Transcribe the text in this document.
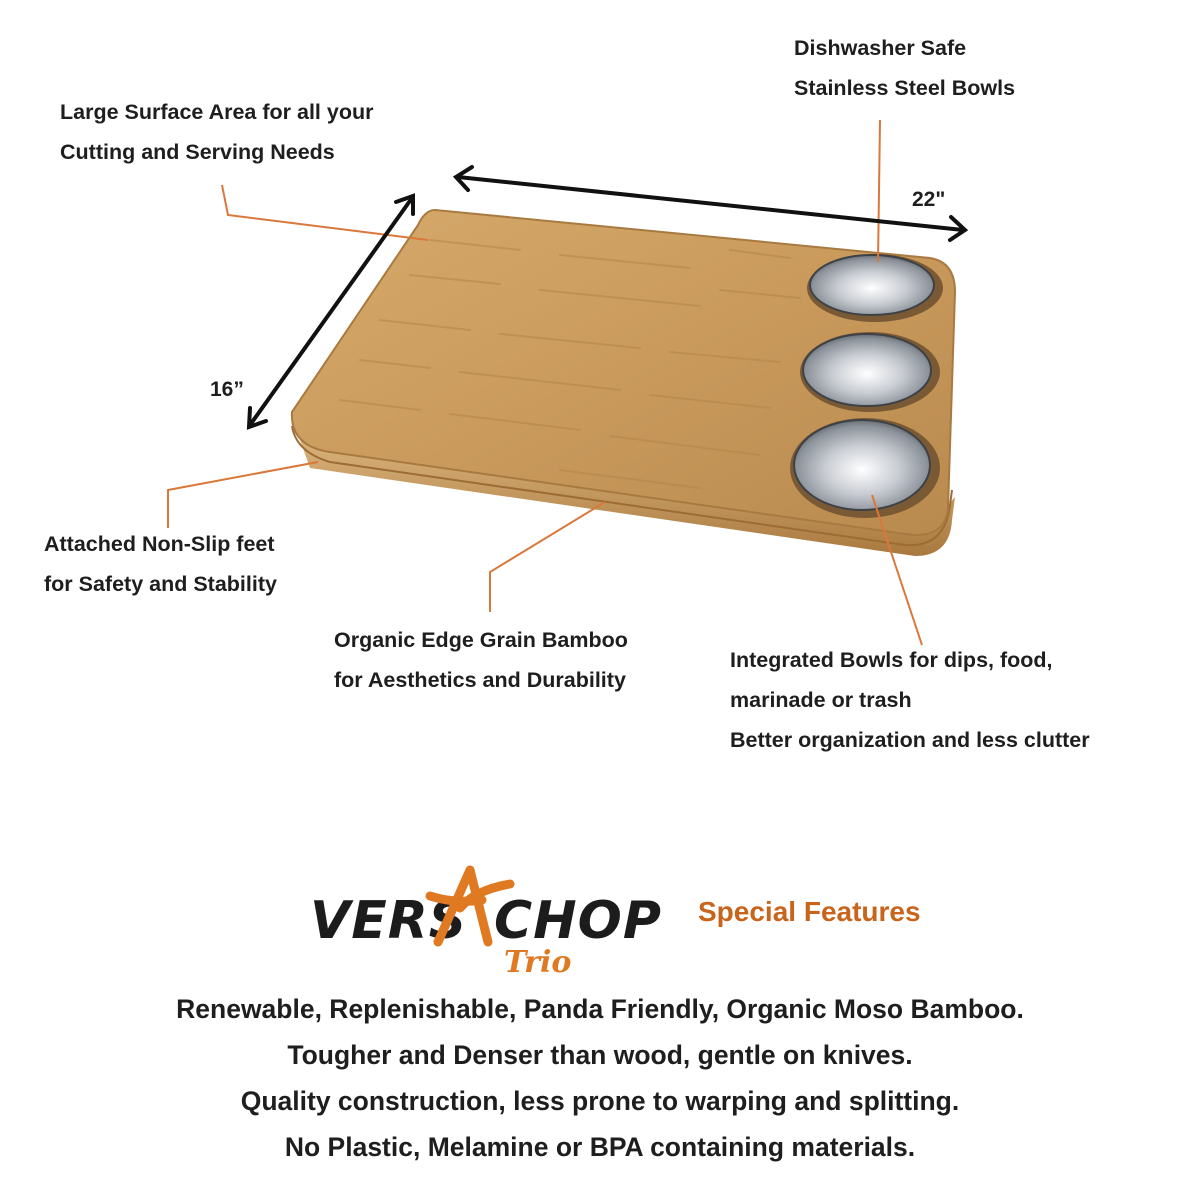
22"
16”

Large Surface Area for all your
Cutting and Serving Needs

Dishwasher Safe
Stainless Steel Bowls

Attached Non-Slip feet
for Safety and Stability

Organic Edge Grain Bamboo
for Aesthetics and Durability

Integrated Bowls for dips, food,
marinade or trash
Better organization and less clutter

VERS CHOP
Trio
Special Features
Renewable, Replenishable, Panda Friendly, Organic Moso Bamboo.
Tougher and Denser than wood, gentle on knives.
Quality construction, less prone to warping and splitting.
No Plastic, Melamine or BPA containing materials.
